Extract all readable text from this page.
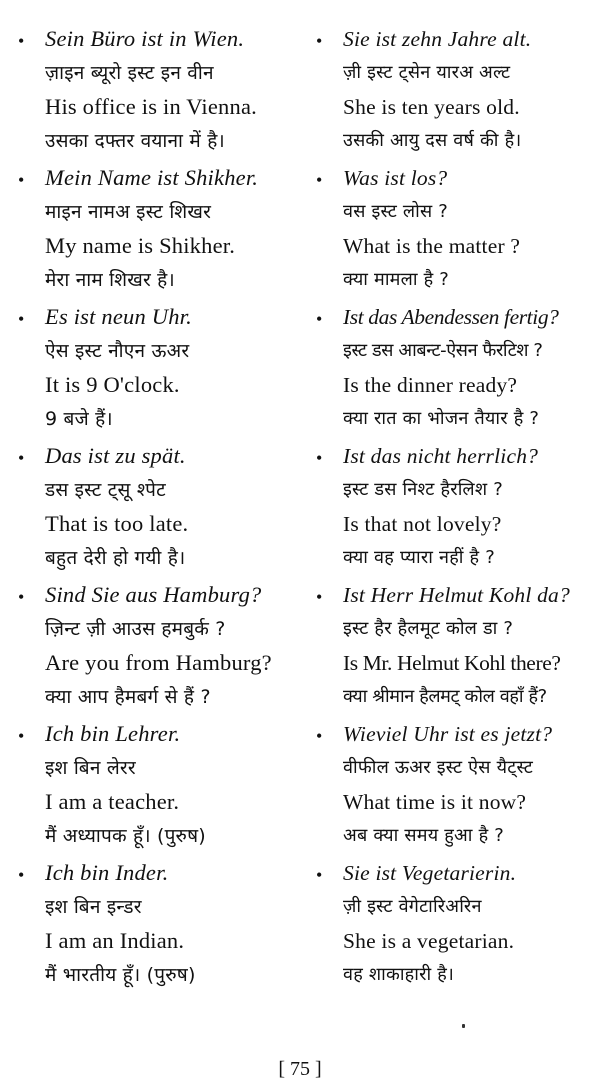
• Sein Büro ist in Wien.
ज़ाइन ब्यूरो इस्ट इन वीन
His office is in Vienna.
उसका दफ्तर वयाना में है।
• Mein Name ist Shikher.
माइन नामअ इस्ट शिखर
My name is Shikher.
मेरा नाम शिखर है।
• Es ist neun Uhr.
ऐस इस्ट नौएन ऊअर
It is 9 O'clock.
9 बजे हैं।
• Das ist zu spät.
डस इस्ट ट्सू श्पेट
That is too late.
बहुत देरी हो गयी है।
• Sind Sie aus Hamburg?
ज़िन्ट ज़ी आउस हमबुर्क ?
Are you from Hamburg?
क्या आप हैमबर्ग से हैं ?
• Ich bin Lehrer.
इश बिन लेरर
I am a teacher.
मैं अध्यापक हूँ। (पुरुष)
• Ich bin Inder.
इश बिन इन्डर
I am an Indian.
मैं भारतीय हूँ। (पुरुष)
• Sie ist zehn Jahre alt.
ज़ी इस्ट ट्सेन यारअ अल्ट
She is ten years old.
उसकी आयु दस वर्ष की है।
• Was ist los?
वस इस्ट लोस ?
What is the matter ?
क्या मामला है ?
• Ist das Abendessen fertig?
इस्ट डस आबन्ट-ऐसन फैरटिश ?
Is the dinner ready?
क्या रात का भोजन तैयार है ?
• Ist das nicht herrlich?
इस्ट डस निश्ट हैरलिश ?
Is that not lovely?
क्या वह प्यारा नहीं है ?
• Ist Herr Helmut Kohl da?
इस्ट हैर हैलमूट कोल डा ?
Is Mr. Helmut Kohl there?
क्या श्रीमान हैलमट् कोल वहाँ हैं?
• Wieviel Uhr ist es jetzt?
वीफील ऊअर इस्ट ऐस यैट्स्ट
What time is it now?
अब क्या समय हुआ है ?
• Sie ist Vegetarierin.
ज़ी इस्ट वेगेटारिअरिन
She is a vegetarian.
वह शाकाहारी है।
[ 75 ]
